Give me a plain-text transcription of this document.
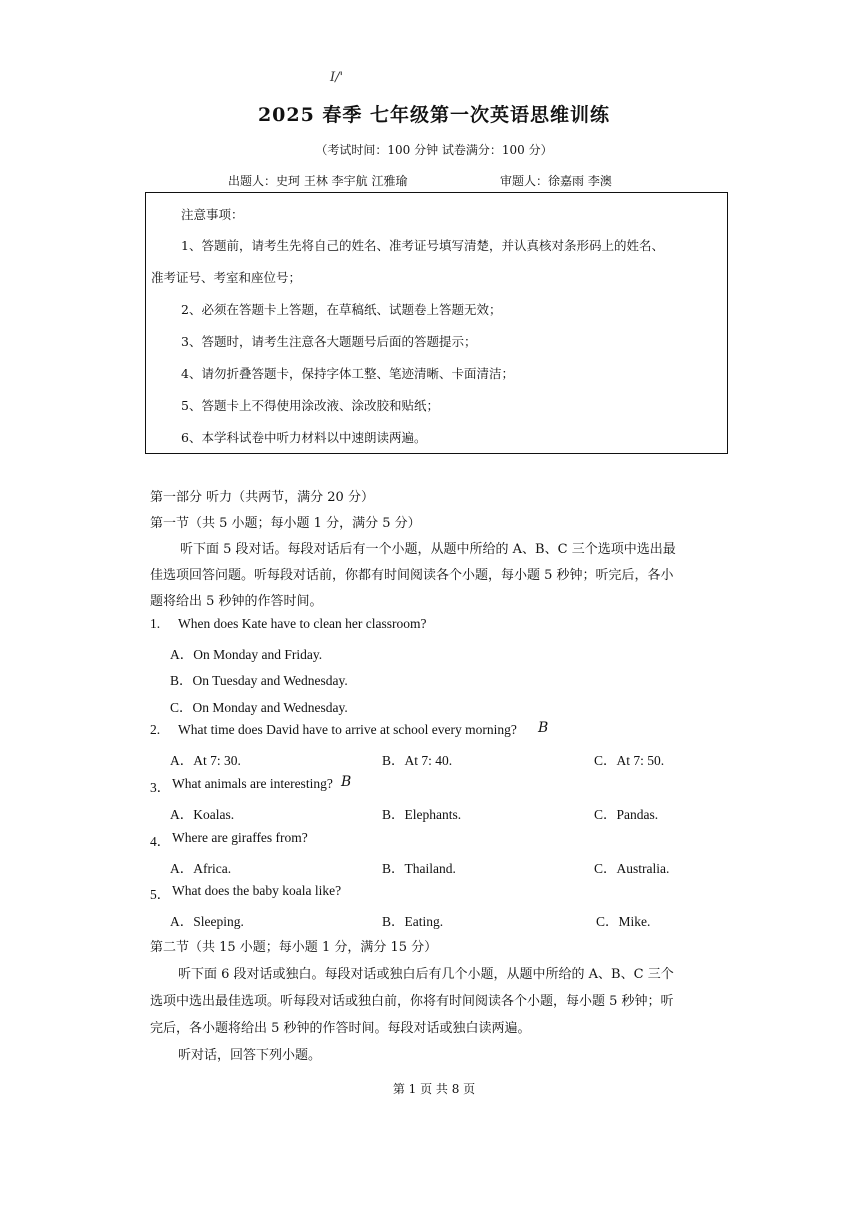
I/'
2025 春季 七年级第一次英语思维训练
（考试时间：100 分钟 试卷满分：100 分）
出题人：史珂 王林 李宇航 江雅瑜	审题人：徐嘉雨 李澳
注意事项：
1、答题前，请考生先将自己的姓名、准考证号填写清楚，并认真核对条形码上的姓名、
准考证号、考室和座位号；
2、必须在答题卡上答题，在草稿纸、试题卷上答题无效；
3、答题时，请考生注意各大题题号后面的答题提示；
4、请勿折叠答题卡，保持字体工整、笔迹清晰、卡面清洁；
5、答题卡上不得使用涂改液、涂改胶和贴纸；
6、本学科试卷中听力材料以中速朗读两遍。
第一部分 听力（共两节，满分 20 分）
第一节（共 5 小题；每小题 1 分，满分 5 分）
听下面 5 段对话。每段对话后有一个小题，从题中所给的 A、B、C 三个选项中选出最
佳选项回答问题。听每段对话前，你都有时间阅读各个小题，每小题 5 秒钟；听完后，各小
题将给出 5 秒钟的作答时间。
1. When does Kate have to clean her classroom?
A．On Monday and Friday.
B．On Tuesday and Wednesday.
C．On Monday and Wednesday.
2. What time does David have to arrive at school every morning? B
A．At 7: 30.	B．At 7: 40.	C．At 7: 50.
3． What animals are interesting? B
A．Koalas.	B．Elephants.	C．Pandas.
4． Where are giraffes from?
A．Africa.	B．Thailand.	C．Australia.
5． What does the baby koala like?
A．Sleeping.	B．Eating.	C．Mike.
第二节（共 15 小题；每小题 1 分，满分 15 分）
听下面 6 段对话或独白。每段对话或独白后有几个小题，从题中所给的 A、B、C 三个
选项中选出最佳选项。听每段对话或独白前，你将有时间阅读各个小题，每小题 5 秒钟；听
完后，各小题将给出 5 秒钟的作答时间。每段对话或独白读两遍。
听对话，回答下列小题。
第 1 页 共 8 页
